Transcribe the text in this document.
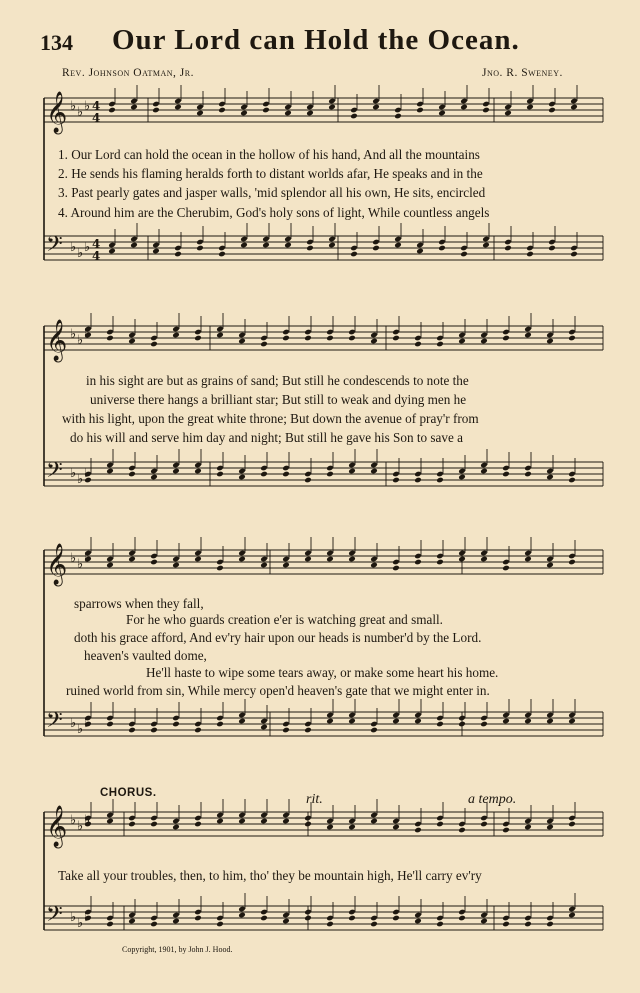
134 Our Lord can Hold the Ocean.
Rev. Johnson Oatman, Jr.	Jno. R. Sweney.
𝄞 ♭ ♭ ♭ 4
4
𝄢 ♭ ♭ ♭ 4
4
𝄞 ♭ ♭ ♭
𝄢 ♭ ♭ ♭
𝄞 ♭ ♭ ♭
𝄢 ♭ ♭ ♭
𝄞 ♭ ♭ ♭
𝄢 ♭ ♭ ♭
1. Our Lord can hold the ocean in the hollow of his hand, And all the mountains
2. He sends his flaming heralds forth to distant worlds afar, He speaks and in the
3. Past pearly gates and jasper walls, 'mid splendor all his own, He sits, encircled
4. Around him are the Cherubim, God's holy sons of light, While countless angels
in his sight are but as grains of sand; But still he condescends to note the
universe there hangs a brilliant star; But still to weak and dying men he
with his light, upon the great white throne; But down the avenue of pray'r from
do his will and serve him day and night; But still he gave his Son to save a
sparrows when they fall,
For he who guards creation e'er is watching great and small.
doth his grace afford, And ev'ry hair upon our heads is number'd by the Lord.
heaven's vaulted dome,
He'll haste to wipe some tears away, or make some heart his home.
ruined world from sin, While mercy open'd heaven's gate that we might enter in.
CHORUS.	rit.	a tempo.
Take all your troubles, then, to him, tho' they be mountain high, He'll carry ev'ry
Copyright, 1901, by John J. Hood.
